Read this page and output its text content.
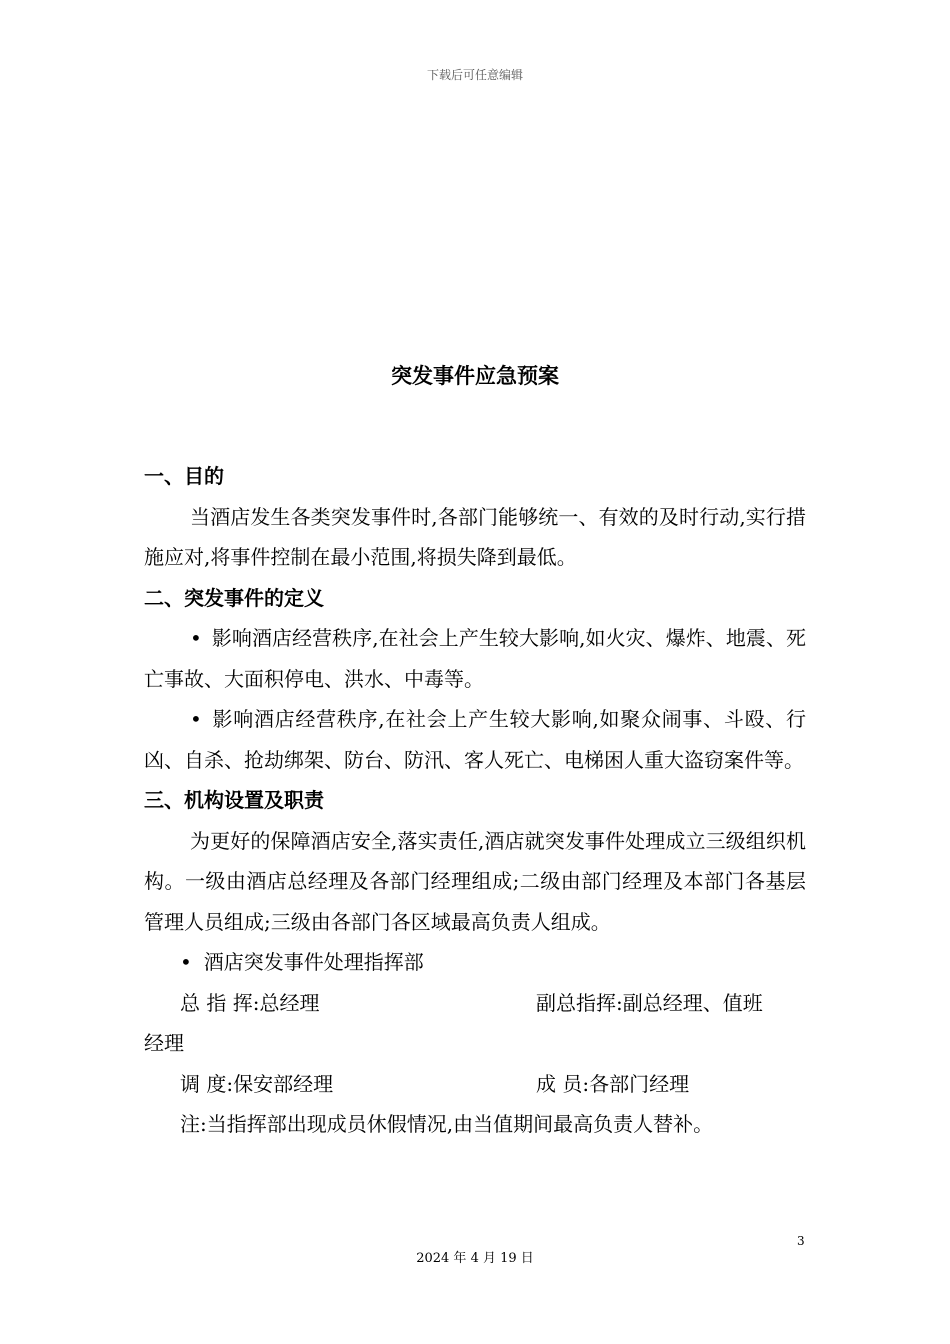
下载后可任意编辑
突发事件应急预案

一、目的

当酒店发生各类突发事件时,各部门能够统一、有效的及时行动,实行措施应对,将事件控制在最小范围,将损失降到最低。

二、突发事件的定义

• 影响酒店经营秩序,在社会上产生较大影响,如火灾、爆炸、地震、死亡事故、大面积停电、洪水、中毒等。

• 影响酒店经营秩序,在社会上产生较大影响,如聚众闹事、斗殴、行凶、自杀、抢劫绑架、防台、防汛、客人死亡、电梯困人重大盗窃案件等。

三、机构设置及职责

为更好的保障酒店安全,落实责任,酒店就突发事件处理成立三级组织机构。一级由酒店总经理及各部门经理组成;二级由部门经理及本部门各基层管理人员组成;三级由各部门各区域最高负责人组成。

• 酒店突发事件处理指挥部

总 指 挥:总经理	副总指挥:副总经理、值班

经理

调 度:保安部经理	成 员:各部门经理

注:当指挥部出现成员休假情况,由当值期间最高负责人替补。

3
2024 年 4 月 19 日
